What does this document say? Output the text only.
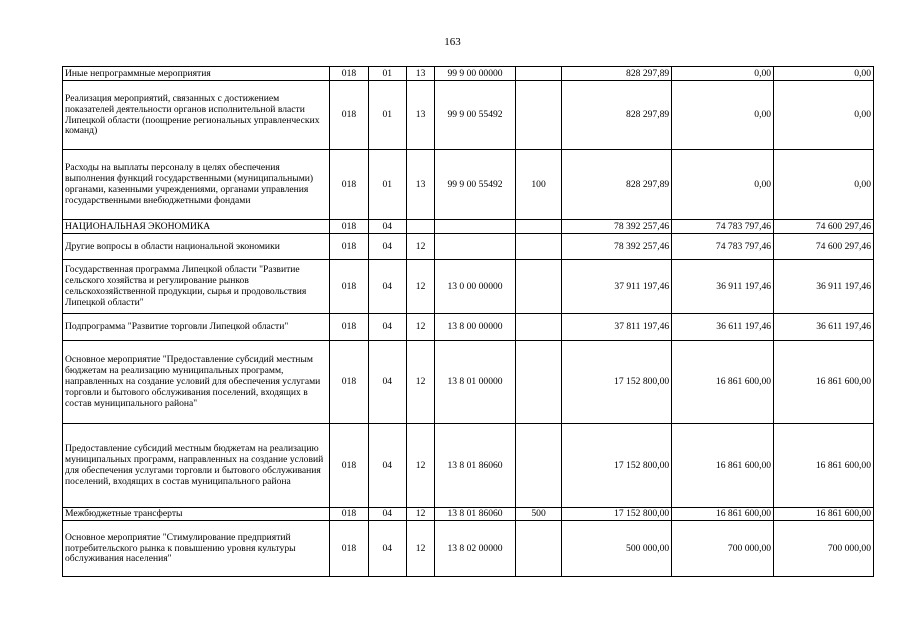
163
Иные непрограммные мероприятия	018	01	13	99 9 00 00000		828 297,89	0,00	0,00
Реализация мероприятий, связанных с достижением показателей деятельности органов исполнительной власти Липецкой области (поощрение региональных управленческих команд)	018	01	13	99 9 00 55492		828 297,89	0,00	0,00
Расходы на выплаты персоналу в целях обеспечения выполнения функций государственными (муниципальными) органами, казенными учреждениями, органами управления государственными внебюджетными фондами	018	01	13	99 9 00 55492	100	828 297,89	0,00	0,00
НАЦИОНАЛЬНАЯ ЭКОНОМИКА	018	04				78 392 257,46	74 783 797,46	74 600 297,46
Другие вопросы в области национальной экономики	018	04	12			78 392 257,46	74 783 797,46	74 600 297,46
Государственная программа Липецкой области "Развитие сельского хозяйства и регулирование рынков сельскохозяйственной продукции, сырья и продовольствия Липецкой области"	018	04	12	13 0 00 00000		37 911 197,46	36 911 197,46	36 911 197,46
Подпрограмма "Развитие торговли Липецкой области"	018	04	12	13 8 00 00000		37 811 197,46	36 611 197,46	36 611 197,46
Основное мероприятие "Предоставление субсидий местным бюджетам на реализацию муниципальных программ, направленных на создание условий для обеспечения услугами торговли и бытового обслуживания поселений, входящих в состав муниципального района"	018	04	12	13 8 01 00000		17 152 800,00	16 861 600,00	16 861 600,00
Предоставление субсидий местным бюджетам на реализацию муниципальных программ, направленных на создание условий для обеспечения услугами торговли и бытового обслуживания поселений, входящих в состав муниципального района	018	04	12	13 8 01 86060		17 152 800,00	16 861 600,00	16 861 600,00
Межбюджетные трансферты	018	04	12	13 8 01 86060	500	17 152 800,00	16 861 600,00	16 861 600,00
Основное мероприятие "Стимулирование предприятий потребительского рынка к повышению уровня культуры обслуживания населения"	018	04	12	13 8 02 00000		500 000,00	700 000,00	700 000,00
